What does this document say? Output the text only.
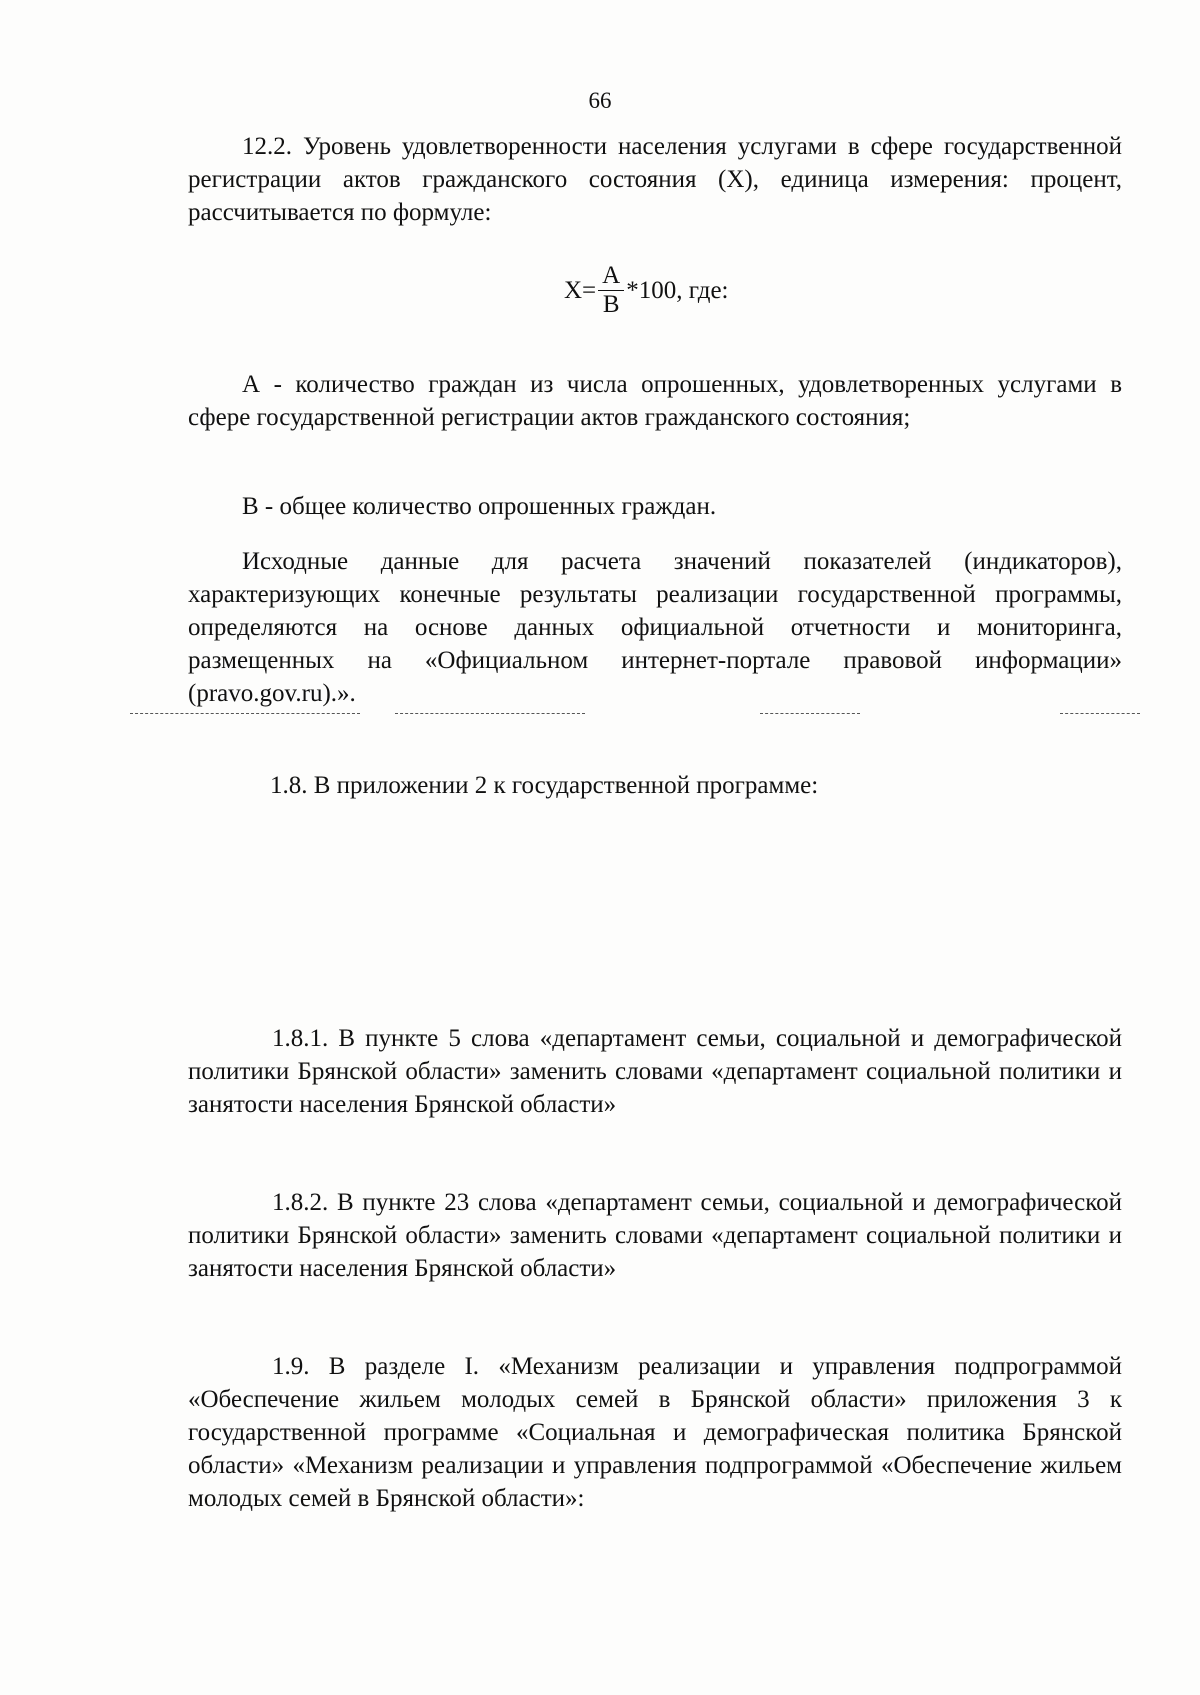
66
12.2. Уровень удовлетворенности населения услугами в сфере государственной регистрации актов гражданского состояния (X), единица измерения: процент, рассчитывается по формуле:
$X= \frac{А}{В} *100$, где:
А - количество граждан из числа опрошенных, удовлетворенных услугами в сфере государственной регистрации актов гражданского состояния;
В - общее количество опрошенных граждан.
Исходные данные для расчета значений показателей (индикаторов), характеризующих конечные результаты реализации государственной программы, определяются на основе данных официальной отчетности и мониторинга, размещенных на «Официальном интернет-портале правовой информации» (pravo.gov.ru).».
1.8. В приложении 2 к государственной программе:
1.8.1. В пункте 5 слова «департамент семьи, социальной и демографической политики Брянской области» заменить словами «департамент социальной политики и занятости населения Брянской области»
1.8.2. В пункте 23 слова «департамент семьи, социальной и демографической политики Брянской области» заменить словами «департамент социальной политики и занятости населения Брянской области»
1.9. В разделе I. «Механизм реализации и управления подпрограммой «Обеспечение жильем молодых семей в Брянской области» приложения 3 к государственной программе «Социальная и демографическая политика Брянской области» «Механизм реализации и управления подпрограммой «Обеспечение жильем молодых семей в Брянской области»:
